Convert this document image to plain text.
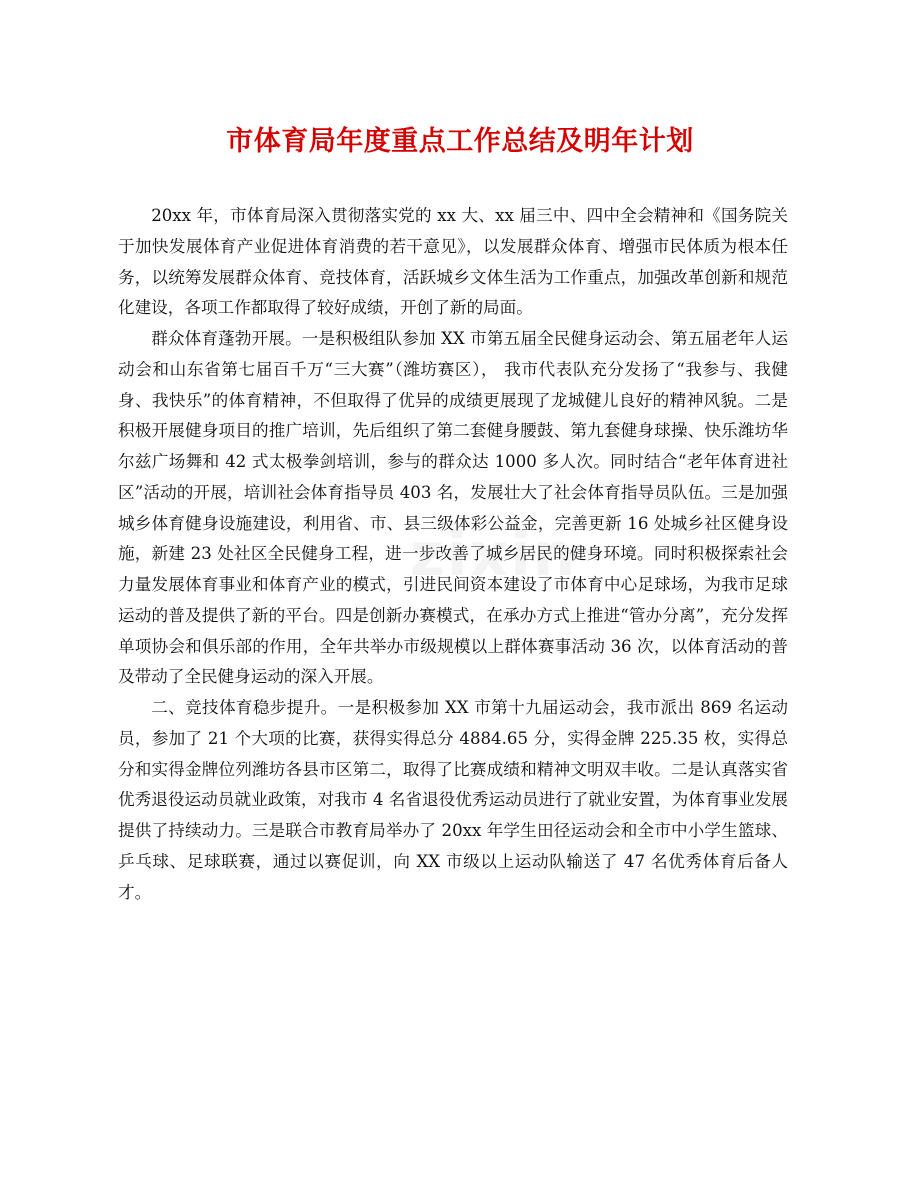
市体育局年度重点工作总结及明年计划
zixin

20xx 年，市体育局深入贯彻落实党的 xx 大、xx 届三中、四中全会精神和《国务院关于加快发展体育产业促进体育消费的若干意见》，以发展群众体育、增强市民体质为根本任务，以统筹发展群众体育、竞技体育，活跃城乡文体生活为工作重点，加强改革创新和规范化建设，各项工作都取得了较好成绩，开创了新的局面。

群众体育蓬勃开展。一是积极组队参加 XX 市第五届全民健身运动会、第五届老年人运动会和山东省第七届百千万“三大赛”（潍坊赛区）， 我市代表队充分发扬了“我参与、我健身、我快乐”的体育精神，不但取得了优异的成绩更展现了龙城健儿良好的精神风貌。二是积极开展健身项目的推广培训，先后组织了第二套健身腰鼓、第九套健身球操、快乐潍坊华尔兹广场舞和 42 式太极拳剑培训，参与的群众达 1000 多人次。同时结合“老年体育进社区”活动的开展，培训社会体育指导员 403 名，发展壮大了社会体育指导员队伍。三是加强城乡体育健身设施建设，利用省、市、县三级体彩公益金，完善更新 16 处城乡社区健身设施，新建 23 处社区全民健身工程，进一步改善了城乡居民的健身环境。同时积极探索社会力量发展体育事业和体育产业的模式，引进民间资本建设了市体育中心足球场，为我市足球运动的普及提供了新的平台。四是创新办赛模式，在承办方式上推进“管办分离”，充分发挥单项协会和俱乐部的作用，全年共举办市级规模以上群体赛事活动 36 次，以体育活动的普及带动了全民健身运动的深入开展。

二、竞技体育稳步提升。一是积极参加 XX 市第十九届运动会，我市派出 869 名运动员，参加了 21 个大项的比赛，获得实得总分 4884.65 分，实得金牌 225.35 枚，实得总分和实得金牌位列潍坊各县市区第二，取得了比赛成绩和精神文明双丰收。二是认真落实省优秀退役运动员就业政策，对我市 4 名省退役优秀运动员进行了就业安置，为体育事业发展提供了持续动力。三是联合市教育局举办了 20xx 年学生田径运动会和全市中小学生篮球、乒乓球、足球联赛，通过以赛促训，向 XX 市级以上运动队输送了 47 名优秀体育后备人才。
